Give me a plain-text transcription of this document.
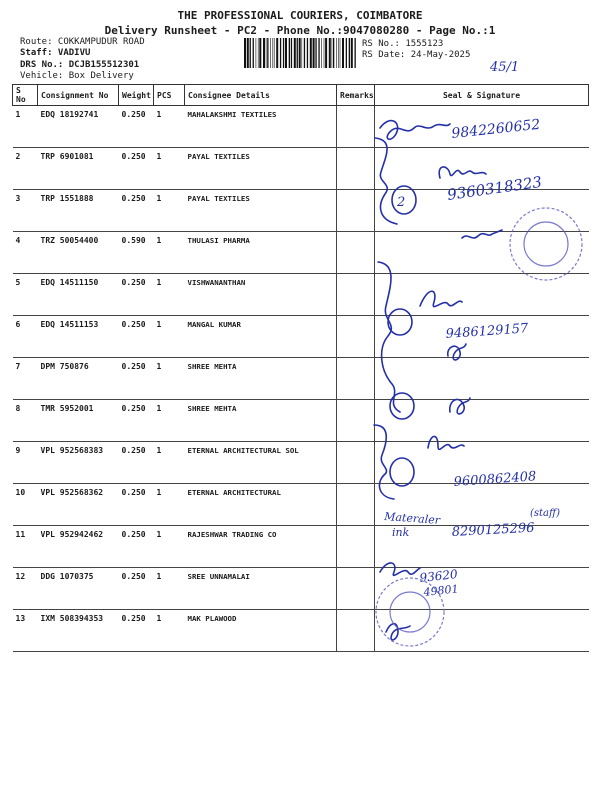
THE PROFESSIONAL COURIERS, COIMBATORE
Delivery Runsheet - PC2 - Phone No.:9047080280 - Page No.:1
Route: COKKAMPUDUR ROAD
Staff: VADIVU
DRS No.: DCJB155512301
Vehicle: Box Delivery
RS No.: 1555123
RS Date: 24-May-2025
S No	Consignment No	Weight	PCS	Consignee Details	Remarks	Seal & Signature
1	EDQ 18192741	0.250	1	MAHALAKSHMI TEXTILES		
2	TRP 6901081	0.250	1	PAYAL TEXTILES		
3	TRP 1551888	0.250	1	PAYAL TEXTILES		
4	TRZ 50054400	0.590	1	THULASI PHARMA		
5	EDQ 14511150	0.250	1	VISHWANANTHAN		
6	EDQ 14511153	0.250	1	MANGAL KUMAR		
7	DPM 750876	0.250	1	SHREE MEHTA		
8	TMR 5952001	0.250	1	SHREE MEHTA		
9	VPL 952568383	0.250	1	ETERNAL ARCHITECTURAL SOL		
10	VPL 952568362	0.250	1	ETERNAL ARCHITECTURAL		
11	VPL 952942462	0.250	1	RAJESHWAR TRADING CO		
12	DDG 1070375	0.250	1	SREE UNNAMALAI		
13	IXM 508394353	0.250	1	MAK PLAWOOD		
45/1
2
9842260652
9360318323
9486129157
9600862408
Materaler
ink	8290125296
(staff)
93620
49801
